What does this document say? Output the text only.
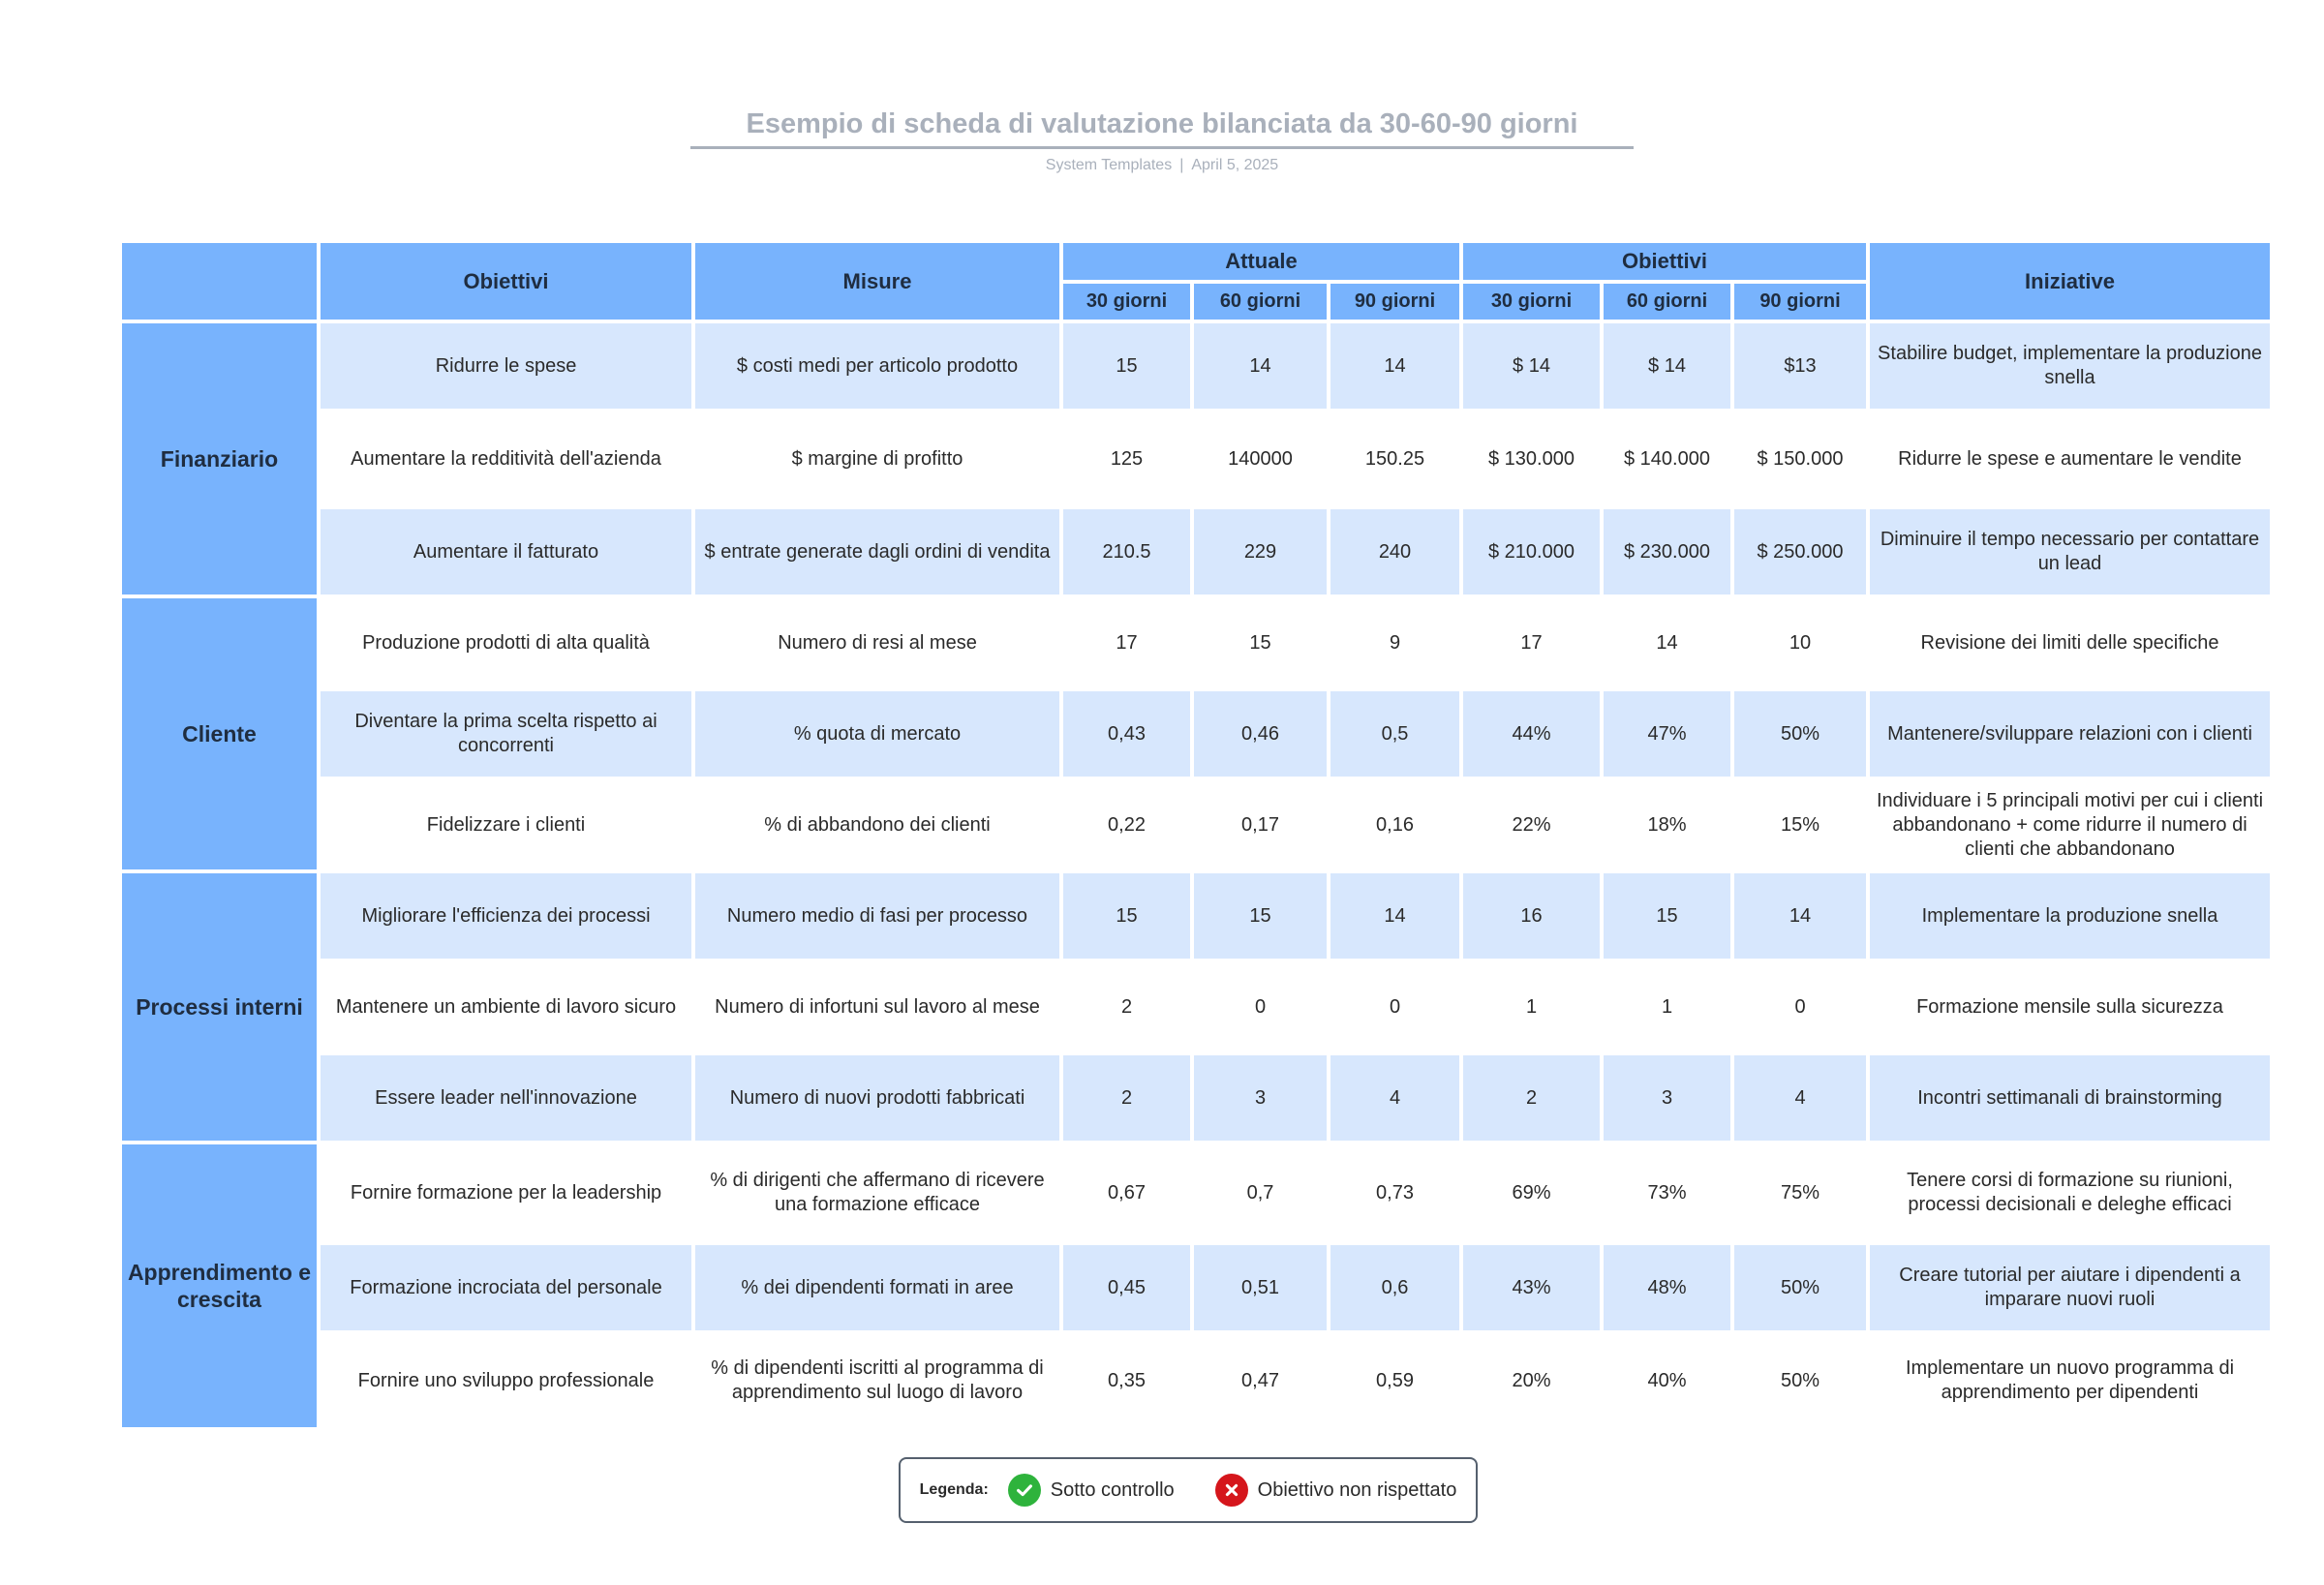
Esempio di scheda di valutazione bilanciata da 30-60-90 giorni
System Templates | April 5, 2025
	Obiettivi	Misure	Attuale			Obiettivi			Iniziative
			30 giorni	60 giorni	90 giorni	30 giorni	60 giorni	90 giorni	
Finanziario	Ridurre le spese	$ costi medi per articolo prodotto	15	14	14	$ 14	$ 14	$13	Stabilire budget, implementare la produzione snella
	Aumentare la redditività dell'azienda	$ margine di profitto	125	140000	150.25	$ 130.000	$ 140.000	$ 150.000	Ridurre le spese e aumentare le vendite
	Aumentare il fatturato	$ entrate generate dagli ordini di vendita	210.5	229	240	$ 210.000	$ 230.000	$ 250.000	Diminuire il tempo necessario per contattare un lead
Cliente	Produzione prodotti di alta qualità	Numero di resi al mese	17	15	9	17	14	10	Revisione dei limiti delle specifiche
	Diventare la prima scelta rispetto ai concorrenti	% quota di mercato	0,43	0,46	0,5	44%	47%	50%	Mantenere/sviluppare relazioni con i clienti
	Fidelizzare i clienti	% di abbandono dei clienti	0,22	0,17	0,16	22%	18%	15%	Individuare i 5 principali motivi per cui i clienti abbandonano + come ridurre il numero di clienti che abbandonano
Processi interni	Migliorare l'efficienza dei processi	Numero medio di fasi per processo	15	15	14	16	15	14	Implementare la produzione snella
	Mantenere un ambiente di lavoro sicuro	Numero di infortuni sul lavoro al mese	2	0	0	1	1	0	Formazione mensile sulla sicurezza
	Essere leader nell'innovazione	Numero di nuovi prodotti fabbricati	2	3	4	2	3	4	Incontri settimanali di brainstorming
Apprendimento e crescita	Fornire formazione per la leadership	% di dirigenti che affermano di ricevere una formazione efficace	0,67	0,7	0,73	69%	73%	75%	Tenere corsi di formazione su riunioni, processi decisionali e deleghe efficaci
	Formazione incrociata del personale	% dei dipendenti formati in aree	0,45	0,51	0,6	43%	48%	50%	Creare tutorial per aiutare i dipendenti a imparare nuovi ruoli
	Fornire uno sviluppo professionale	% di dipendenti iscritti al programma di apprendimento sul luogo di lavoro	0,35	0,47	0,59	20%	40%	50%	Implementare un nuovo programma di apprendimento per dipendenti
Legenda:	Sotto controllo	Obiettivo non rispettato
